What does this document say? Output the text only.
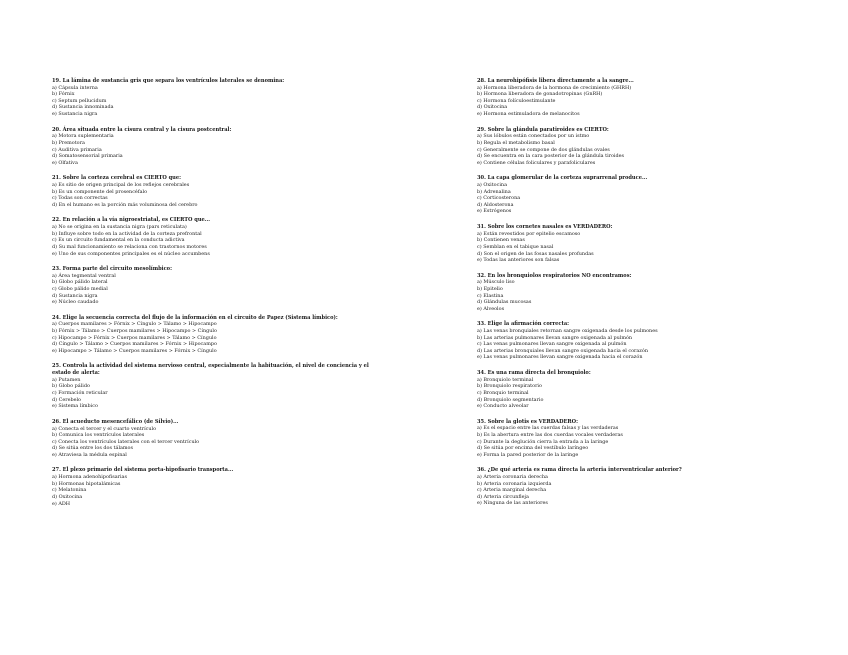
19. La lámina de sustancia gris que separa los ventrículos laterales se denomina:
a) Cápsula interna
b) Fórnix
c) Septum pellucidum
d) Sustancia innominada
e) Sustancia nigra
20. Área situada entre la cisura central y la cisura postcentral:
a) Motora suplementaria
b) Premotora
c) Auditiva primaria
d) Somatosensorial primaria
e) Olfativa
21. Sobre la corteza cerebral es CIERTO que:
a) Es sitio de origen principal de los reflejos cerebrales
b) Es un componente del prosencéfalo
c) Todas son correctas
d) En el humano es la porción más voluminosa del cerebro
22. En relación a la vía nigroestriatal, es CIERTO que...
a) No se origina en la sustancia nigra (pars reticulata)
b) Influye sobre todo en la actividad de la corteza prefrontal
c) Es un circuito fundamental en la conducta adictiva
d) Su mal funcionamiento se relaciona con trastornos motores
e) Uno de sus componentes principales es el núcleo accumbens
23. Forma parte del circuito mesolímbico:
a) Área tegmental ventral
b) Globo pálido lateral
c) Globo pálido medial
d) Sustancia nigra
e) Núcleo caudado
24. Elige la secuencia correcta del flujo de la información en el circuito de Papez (Sistema límbico):
a) Cuerpos mamilares > Fórnix > Cíngulo > Tálamo > Hipocampo
b) Fórnix > Tálamo > Cuerpos mamilares > Hipocampo > Cíngulo
c) Hipocampo > Fórnix > Cuerpos mamilares > Tálamo > Cíngulo
d) Cíngulo > Tálamo > Cuerpos mamilares > Fórnix > Hipocampo
e) Hipocampo > Tálamo > Cuerpos mamilares > Fórnix > Cíngulo
25. Controla la actividad del sistema nervioso central, especialmente la habituación, el nivel de conciencia y el estado de alerta:
a) Putamen
b) Globo pálido
c) Formación reticular
d) Cerebelo
e) Sistema límbico
26. El acueducto mesencefálico (de Silvio)...
a) Conecta el tercer y el cuarto ventrículo
b) Comunica los ventrículos laterales
c) Conecta los ventrículos laterales con el tercer ventrículo
d) Se sitúa entre los dos tálamos
e) Atraviesa la médula espinal
27. El plexo primario del sistema porta-hipofisario transporta...
a) Hormona adenohipofisarias
b) Hormonas hipotalámicas
c) Melatonina
d) Oxitocina
e) ADH
28. La neurohipófisis libera directamente a la sangre...
a) Hormona liberadora de la hormona de crecimiento (GHRH)
b) Hormona liberadora de gonadotropinas (GnRH)
c) Hormona folículoestimulante
d) Oxitocina
e) Hormona estimuladora de melanocitos
29. Sobre la glándula paratiroides es CIERTO:
a) Sus lóbulos están conectados por un istmo
b) Regula el metabolismo basal
c) Generalmente se compone de dos glándulas ovales
d) Se encuentra en la cara posterior de la glándula tiroides
e) Contiene células foliculares y parafoliculares
30. La capa glomerular de la corteza suprarrenal produce...
a) Oxitocina
b) Adrenalina
c) Corticosterona
d) Aldosterona
e) Estrógenos
31. Sobre los cornetes nasales es VERDADERO:
a) Están revestidos por epitelio escamoso
b) Contienen venas
c) Semblan en el tabique nasal
d) Son el origen de las fosas nasales profundas
e) Todas las anteriores son falsas
32. En los bronquiolos respiratorios NO encontramos:
a) Músculo liso
b) Epitelio
c) Elastina
d) Glándulas mucosas
e) Alveolos
33. Elige la afirmación correcta:
a) Las venas bronquiales retornan sangre oxigenada desde los pulmones
b) Las arterias pulmonares llevan sangre oxigenada al pulmón
c) Las venas pulmonares llevan sangre oxigenada al pulmón
d) Las arterias bronquiales llevan sangre oxigenada hacia el corazón
e) Las venas pulmonares llevan sangre oxigenada hacia el corazón
34. Es una rama directa del bronquiolo:
a) Bronquiolo terminal
b) Bronquiolo respiratorio
c) Bronquio terminal
d) Bronquiolo segmentario
e) Conducto alveolar
35. Sobre la glotis es VERDADERO:
a) Es el espacio entre las cuerdas falsas y las verdaderas
b) Es la abertura entre las dos cuerdas vocales verdaderas
c) Durante la deglución cierra la entrada a la laringe
d) Se sitúa por encima del vestíbulo laríngeo
e) Forma la pared posterior de la laringe
36. ¿De qué arteria es rama directa la arteria interventricular anterior?
a) Arteria coronaria derecha
b) Arteria coronaria izquierda
c) Arteria marginal derecha
d) Arteria circunfleja
e) Ninguna de las anteriores
